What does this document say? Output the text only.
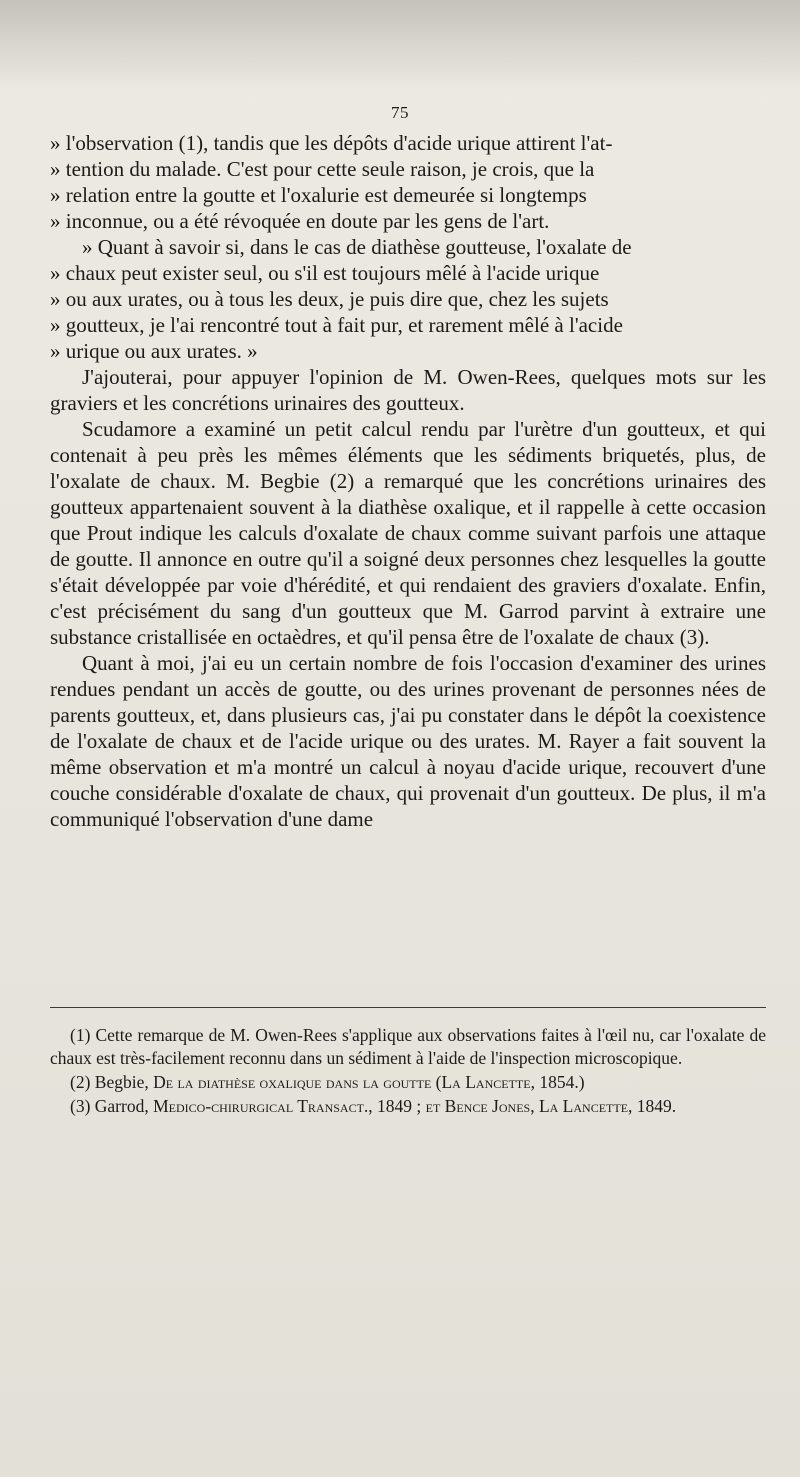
75

» l'observation (1), tandis que les dépôts d'acide urique attirent l'at-

» tention du malade. C'est pour cette seule raison, je crois, que la

» relation entre la goutte et l'oxalurie est demeurée si longtemps

» inconnue, ou a été révoquée en doute par les gens de l'art.

» Quant à savoir si, dans le cas de diathèse goutteuse, l'oxalate de

» chaux peut exister seul, ou s'il est toujours mêlé à l'acide urique

» ou aux urates, ou à tous les deux, je puis dire que, chez les sujets

» goutteux, je l'ai rencontré tout à fait pur, et rarement mêlé à l'acide

» urique ou aux urates. »

J'ajouterai, pour appuyer l'opinion de M. Owen-Rees, quelques mots sur les graviers et les concrétions urinaires des goutteux.

Scudamore a examiné un petit calcul rendu par l'urètre d'un goutteux, et qui contenait à peu près les mêmes éléments que les sédiments briquetés, plus, de l'oxalate de chaux. M. Begbie (2) a remarqué que les concrétions urinaires des goutteux appartenaient souvent à la diathèse oxalique, et il rappelle à cette occasion que Prout indique les calculs d'oxalate de chaux comme suivant parfois une attaque de goutte. Il annonce en outre qu'il a soigné deux personnes chez lesquelles la goutte s'était développée par voie d'hérédité, et qui rendaient des graviers d'oxalate. Enfin, c'est précisément du sang d'un goutteux que M. Garrod parvint à extraire une substance cristallisée en octaèdres, et qu'il pensa être de l'oxalate de chaux (3).

Quant à moi, j'ai eu un certain nombre de fois l'occasion d'examiner des urines rendues pendant un accès de goutte, ou des urines provenant de personnes nées de parents goutteux, et, dans plusieurs cas, j'ai pu constater dans le dépôt la coexistence de l'oxalate de chaux et de l'acide urique ou des urates. M. Rayer a fait souvent la même observation et m'a montré un calcul à noyau d'acide urique, recouvert d'une couche considérable d'oxalate de chaux, qui provenait d'un goutteux. De plus, il m'a communiqué l'observation d'une dame

(1) Cette remarque de M. Owen-Rees s'applique aux observations faites à l'œil nu, car l'oxalate de chaux est très-facilement reconnu dans un sédiment à l'aide de l'inspection microscopique.

(2) Begbie, De la diathèse oxalique dans la goutte (La Lancette, 1854.)

(3) Garrod, Medico-chirurgical Transact., 1849 ; et Bence Jones, La Lancette, 1849.
